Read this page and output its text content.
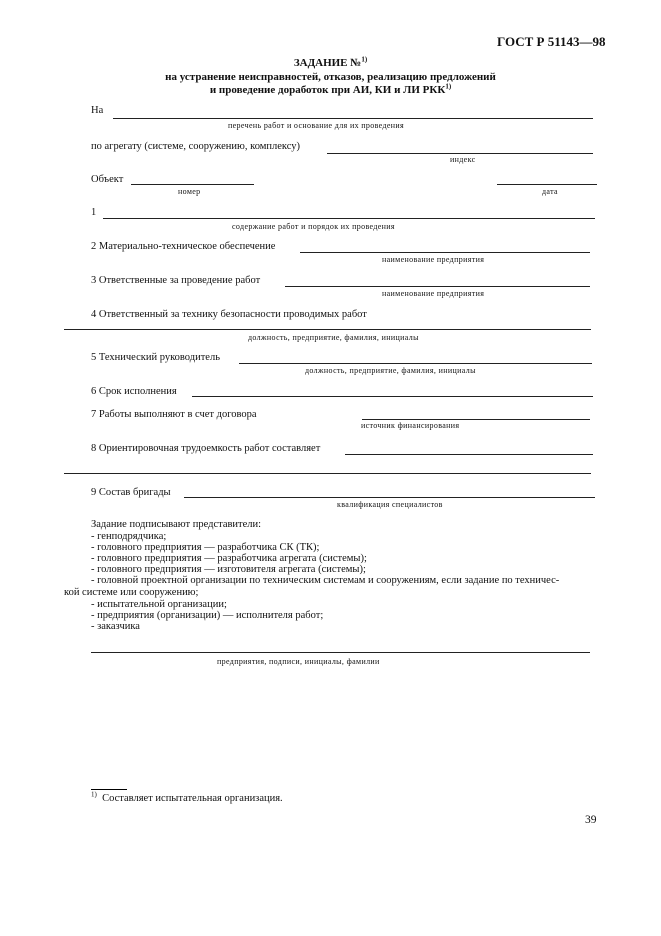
ГОСТ Р 51143—98
ЗАДАНИЕ №$^{1)}$
на устранение неисправностей, отказов, реализацию предложений
и проведение доработок при АИ, КИ и ЛИ РКК$^{1)}$
На
перечень работ и основание для их проведения
по агрегату (системе, сооружению, комплексу)
индекс
Объект
номер	дата
1
содержание работ и порядок их проведения
2 Материально-техническое обеспечение
наименование предприятия
3 Ответственные за проведение работ
наименование предприятия
4 Ответственный за технику безопасности проводимых работ
должность, предприятие, фамилия, инициалы
5 Технический руководитель
должность, предприятие, фамилия, инициалы
6 Срок исполнения
7 Работы выполняют в счет договора
источник финансирования
8 Ориентировочная трудоемкость работ составляет
9 Состав бригады
квалификация специалистов
Задание подписывают представители:
- генподрядчика;
- головного предприятия — разработчика СК (ТК);
- головного предприятия — разработчика агрегата (системы);
- головного предприятия — изготовителя агрегата (системы);
- головной проектной организации по техническим системам и сооружениям, если задание по техничес-
кой системе или сооружению;
- испытательной организации;
- предприятия (организации) — исполнителя работ;
- заказчика
предприятия, подписи, инициалы, фамилии
$^{1)}$ Составляет испытательная организация.
39
